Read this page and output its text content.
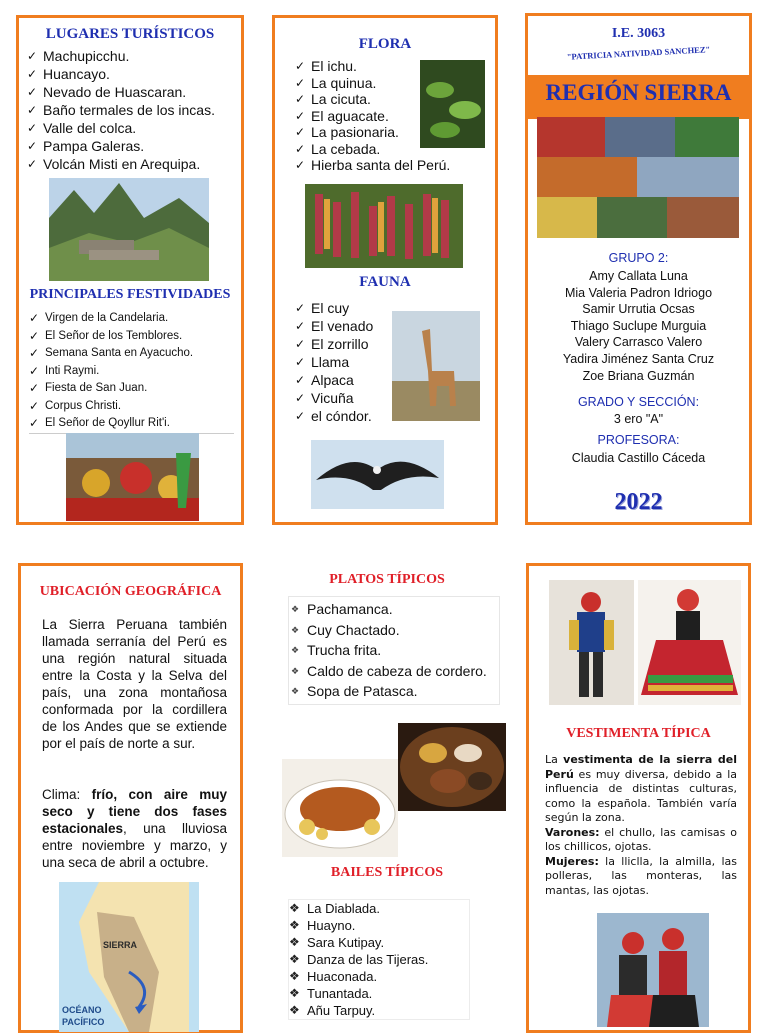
LUGARES TURÍSTICOS
✓ Machupicchu.
✓ Huancayo.
✓ Nevado de Huascaran.
✓ Baño termales de los incas.
✓ Valle del colca.
✓ Pampa Galeras.
✓ Volcán Misti en Arequipa.
PRINCIPALES FESTIVIDADES
✓ Virgen de la Candelaria.
✓ El Señor de los Temblores.
✓ Semana Santa en Ayacucho.
✓ Inti Raymi.
✓ Fiesta de San Juan.
✓ Corpus Christi.
✓ El Señor de Qoyllur Rit'i.
FLORA
✓ El ichu.
✓ La quinua.
✓ La cicuta.
✓ El aguacate.
✓ La pasionaria.
✓ La cebada.
✓ Hierba santa del Perú.
FAUNA
✓ El cuy
✓ El venado
✓ El zorrillo
✓ Llama
✓ Alpaca
✓ Vicuña
✓ el cóndor.
I.E. 3063
"PATRICIA NATIVIDAD SANCHEZ"
REGIÓN SIERRA
GRUPO 2:
Amy Callata Luna
Mia Valeria Padron Idriogo
Samir Urrutia Ocsas
Thiago Suclupe Murguia
Valery Carrasco Valero
Yadira Jiménez Santa Cruz
Zoe Briana Guzmán
GRADO Y SECCIÓN:
3 ero "A"
PROFESORA:
Claudia Castillo Cáceda
2022
UBICACIÓN GEOGRÁFICA

La Sierra Peruana también llamada serranía del Perú es una región natural situada entre la Costa y la Selva del país, una zona montañosa conformada por la cordillera de los Andes que se extiende por el país de norte a sur.

Clima: frío, con aire muy seco y tiene dos fases estacionales, una lluviosa entre noviembre y marzo, y una seca de abril a octubre.

SIERRA
OCÉANO
PACÍFICO
PLATOS TÍPICOS
❖ Pachamanca.
❖ Cuy Chactado.
❖ Trucha frita.
❖ Caldo de cabeza de cordero.
❖ Sopa de Patasca.
BAILES TÍPICOS
❖ La Diablada.
❖ Huayno.
❖ Sara Kutipay.
❖ Danza de las Tijeras.
❖ Huaconada.
❖ Tunantada.
❖ Añu Tarpuy.
VESTIMENTA TÍPICA

La vestimenta de la sierra del Perú es muy diversa, debido a la influencia de distintas culturas, como la española. También varía según la zona.
Varones: el chullo, las camisas o los chillicos, ojotas.
Mujeres: la lliclla, la almilla, las polleras, las monteras, las mantas, las ojotas.
